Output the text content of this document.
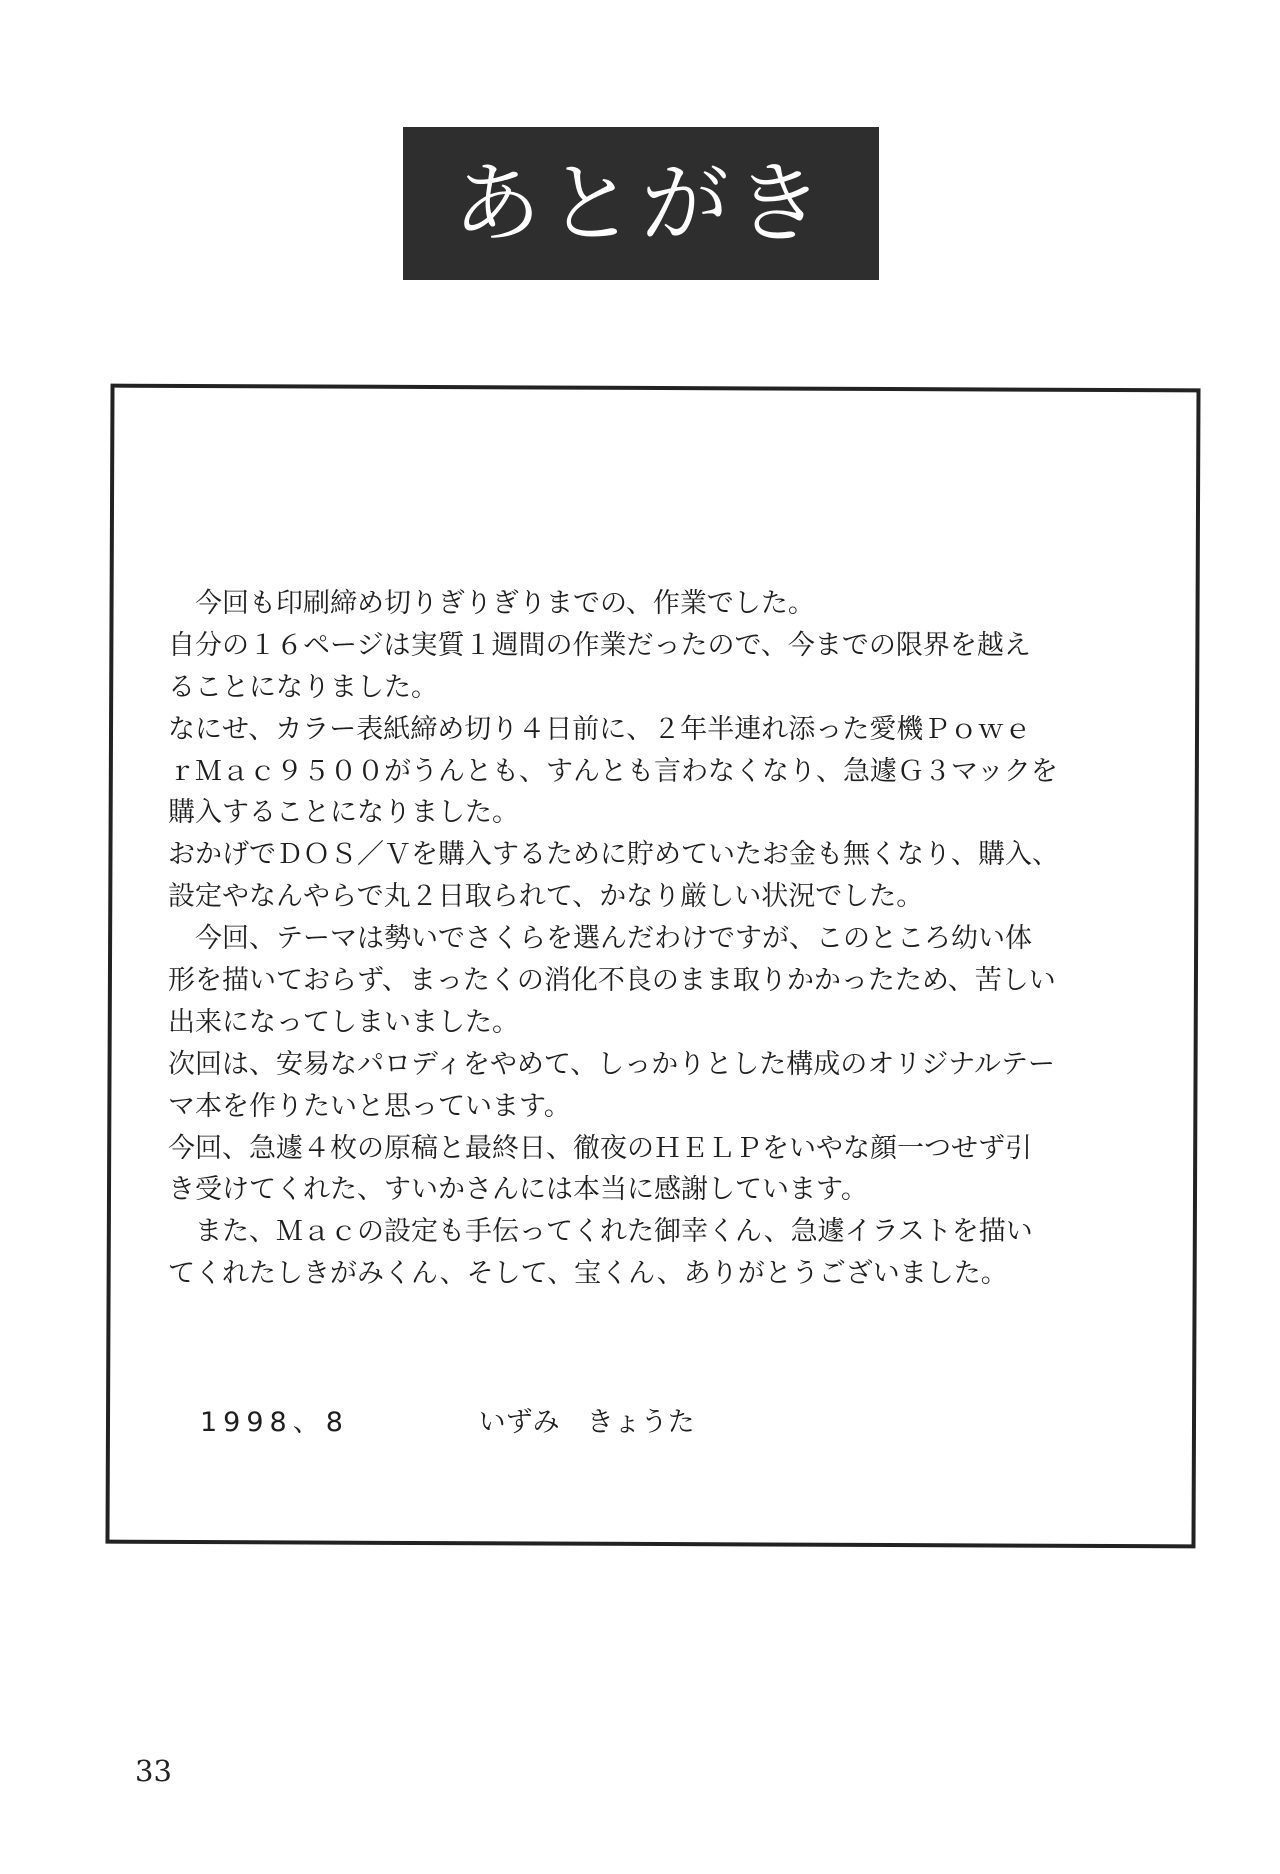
あとがき
　今回も印刷締め切りぎりぎりまでの、作業でした。
自分の１６ページは実質１週間の作業だったので、今までの限界を越え
ることになりました。
なにせ、カラー表紙締め切り４日前に、２年半連れ添った愛機Ｐｏｗｅ
ｒＭａｃ９５００がうんとも、すんとも言わなくなり、急遽Ｇ３マックを
購入することになりました。
おかげでＤＯＳ／Ｖを購入するために貯めていたお金も無くなり、購入、
設定やなんやらで丸２日取られて、かなり厳しい状況でした。
　今回、テーマは勢いでさくらを選んだわけですが、このところ幼い体
形を描いておらず、まったくの消化不良のまま取りかかったため、苦しい
出来になってしまいました。
次回は、安易なパロディをやめて、しっかりとした構成のオリジナルテー
マ本を作りたいと思っています。
今回、急遽４枚の原稿と最終日、徹夜のＨＥＬＰをいやな顔一つせず引
き受けてくれた、すいかさんには本当に感謝しています。
　また、Ｍａｃの設定も手伝ってくれた御幸くん、急遽イラストを描い
てくれたしきがみくん、そして、宝くん、ありがとうございました。
1998、8	いずみ　きょうた
33
